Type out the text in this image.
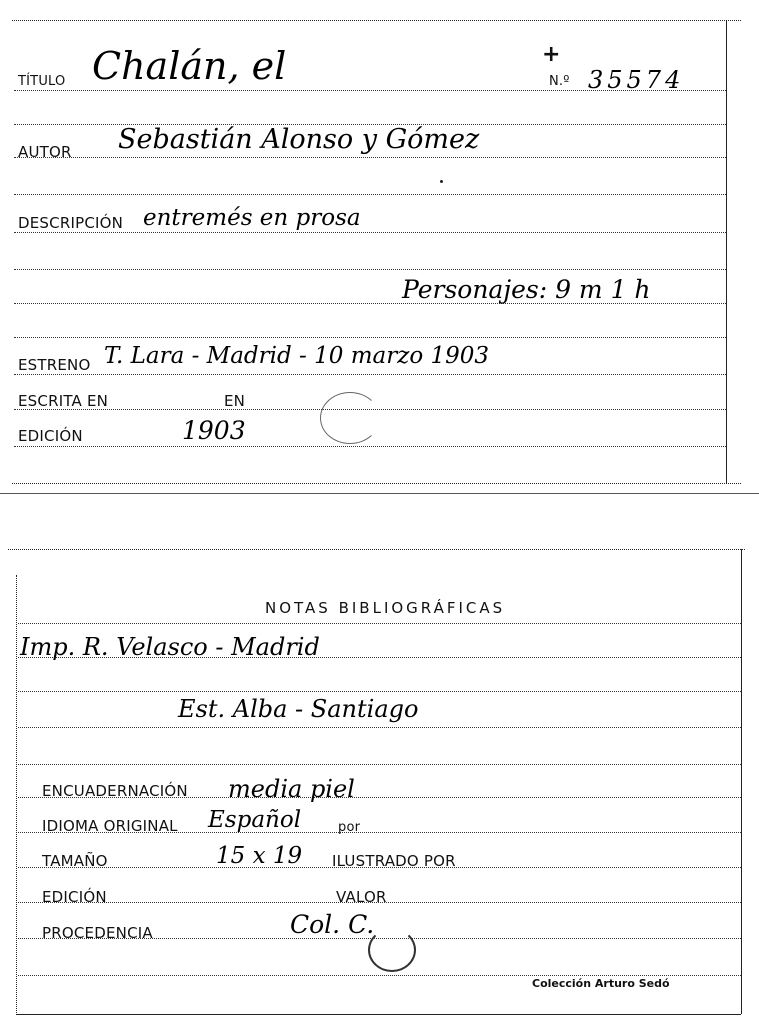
TÍTULO Chalán, el	+
N.º 35574
AUTOR Sebastián Alonso y Gómez
DESCRIPCIÓN entremés en prosa
Personajes: 9 m 1 h
ESTRENO T. Lara - Madrid - 10 marzo 1903
ESCRITA EN	EN
EDICIÓN	1903
NOTAS BIBLIOGRÁFICAS
Imp. R. Velasco - Madrid
Est. Alba - Santiago
ENCUADERNACIÓN media piel
IDIOMA ORIGINAL Español	por
TAMAÑO	15 x 19 ILUSTRADO POR
EDICIÓN	VALOR
PROCEDENCIA	Col. C.
Colección Arturo Sedó
